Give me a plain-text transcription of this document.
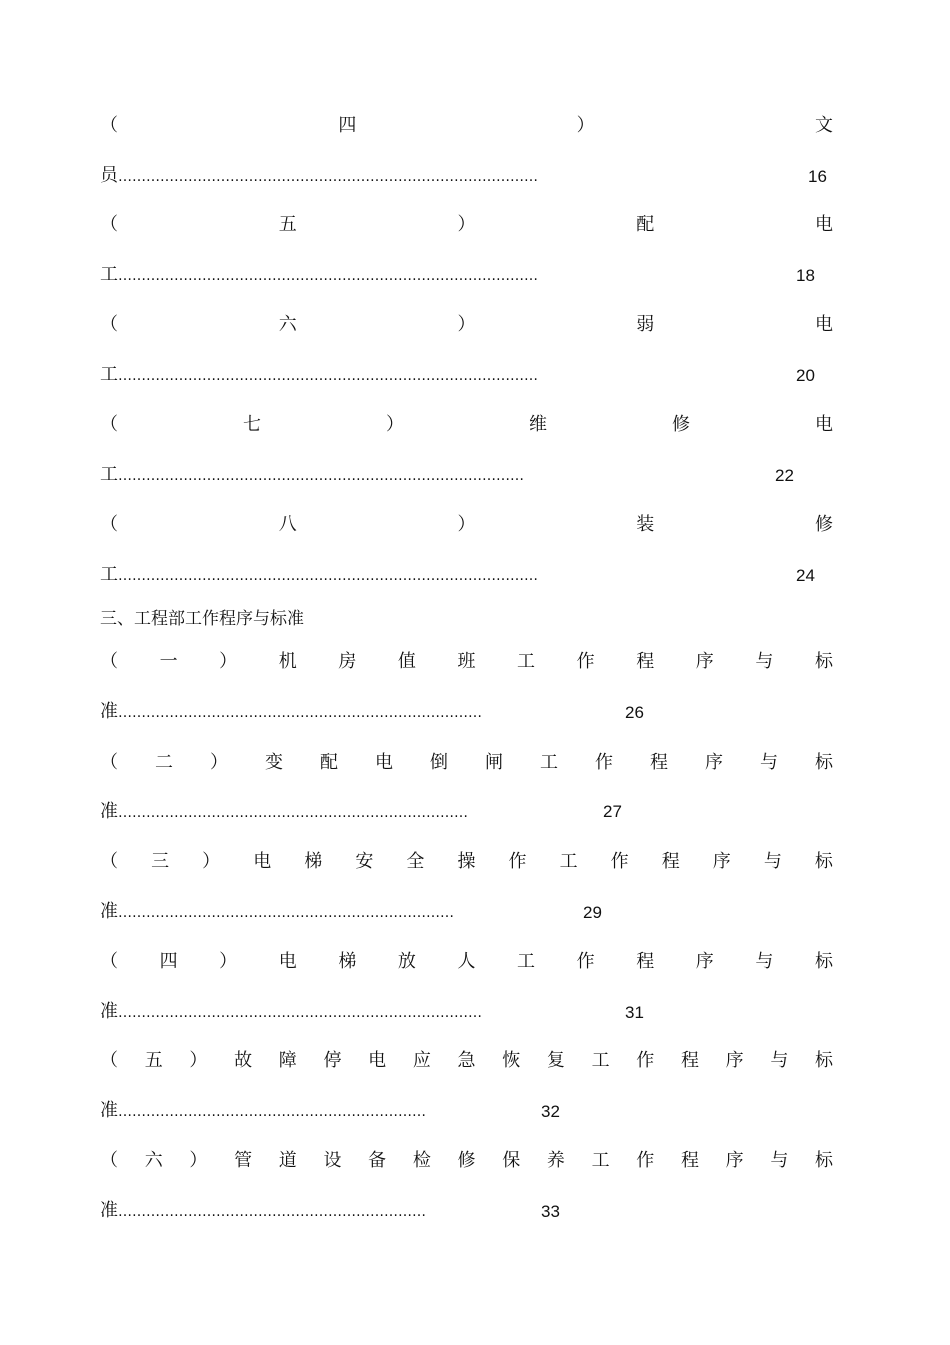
（	四	）	文
员………………………………………………………………………………	16
（	五	）	配	电
工………………………………………………………………………………	18
（	六	）	弱	电
工………………………………………………………………………………	20
（	七	）	维	修	电
工……………………………………………………………………………	22
（	八	）	装	修
工………………………………………………………………………………	24
三、工程部工作程序与标准
（ 一 ） 机 房 值 班 工 作 程 序 与 标
准……………………………………………………………………	26
（ 二 ） 变 配 电 倒 闸 工 作 程 序 与 标
准…………………………………………………………………	27
（ 三 ） 电 梯 安 全 操 作 工 作 程 序 与 标
准………………………………………………………………	29
（ 四 ） 电 梯 放 人 工 作 程 序 与 标
准……………………………………………………………………	31
（ 五 ） 故 障 停 电 应 急 恢 复 工 作 程 序 与 标
准…………………………………………………………	32
（ 六 ） 管 道 设 备 检 修 保 养 工 作 程 序 与 标
准…………………………………………………………	33
